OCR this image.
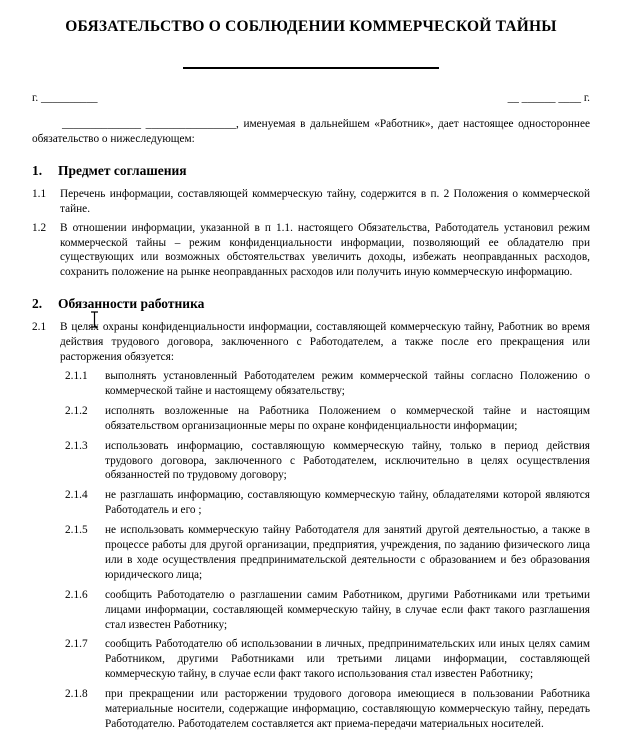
ОБЯЗАТЕЛЬСТВО О СОБЛЮДЕНИИ КОММЕРЧЕСКОЙ ТАЙНЫ
г. __________	__ ______ ____ г.

______________ ________________, именуемая в дальнейшем «Работник», дает настоящее одностороннее обязательство о нижеследующем:

1.	Предмет соглашения
1.1	Перечень информации, составляющей коммерческую тайну, содержится в п. 2 Положения о коммерческой тайне.
1.2	В отношении информации, указанной в п 1.1. настоящего Обязательства, Работодатель установил режим коммерческой тайны – режим конфиденциальности информации, позволяющий ее обладателю при существующих или возможных обстоятельствах увеличить доходы, избежать неоправданных расходов, сохранить положение на рынке неоправданных расходов или получить иную коммерческую информацию.
2.	Обязанности работника
2.1	В целях охраны конфиденциальности информации, составляющей коммерческую тайну, Работник во время действия трудового договора, заключенного с Работодателем, а также после его прекращения или расторжения обязуется:
2.1.1	выполнять установленный Работодателем режим коммерческой тайны согласно Положению о коммерческой тайне и настоящему обязательству;
2.1.2	исполнять возложенные на Работника Положением о коммерческой тайне и настоящим обязательством организационные меры по охране конфиденциальности информации;
2.1.3	использовать информацию, составляющую коммерческую тайну, только в период действия трудового договора, заключенного с Работодателем, исключительно в целях осуществления обязанностей по трудовому договору;
2.1.4	не разглашать информацию, составляющую коммерческую тайну, обладателями которой являются Работодатель и его ;
2.1.5	не использовать коммерческую тайну Работодателя для занятий другой деятельностью, а также в процессе работы для другой организации, предприятия, учреждения, по заданию физического лица или в ходе осуществления предпринимательской деятельности с образованием и без образования юридического лица;
2.1.6	сообщить Работодателю о разглашении самим Работником, другими Работниками или третьими лицами информации, составляющей коммерческую тайну, в случае если факт такого разглашения стал известен Работнику;
2.1.7	сообщить Работодателю об использовании в личных, предпринимательских или иных целях самим Работником, другими Работниками или третьими лицами информации, составляющей коммерческую тайну, в случае если факт такого использования стал известен Работнику;
2.1.8	при прекращении или расторжении трудового договора имеющиеся в пользовании Работника материальные носители, содержащие информацию, составляющую коммерческую тайну, передать Работодателю. Работодателем составляется акт приема-передачи материальных носителей.
